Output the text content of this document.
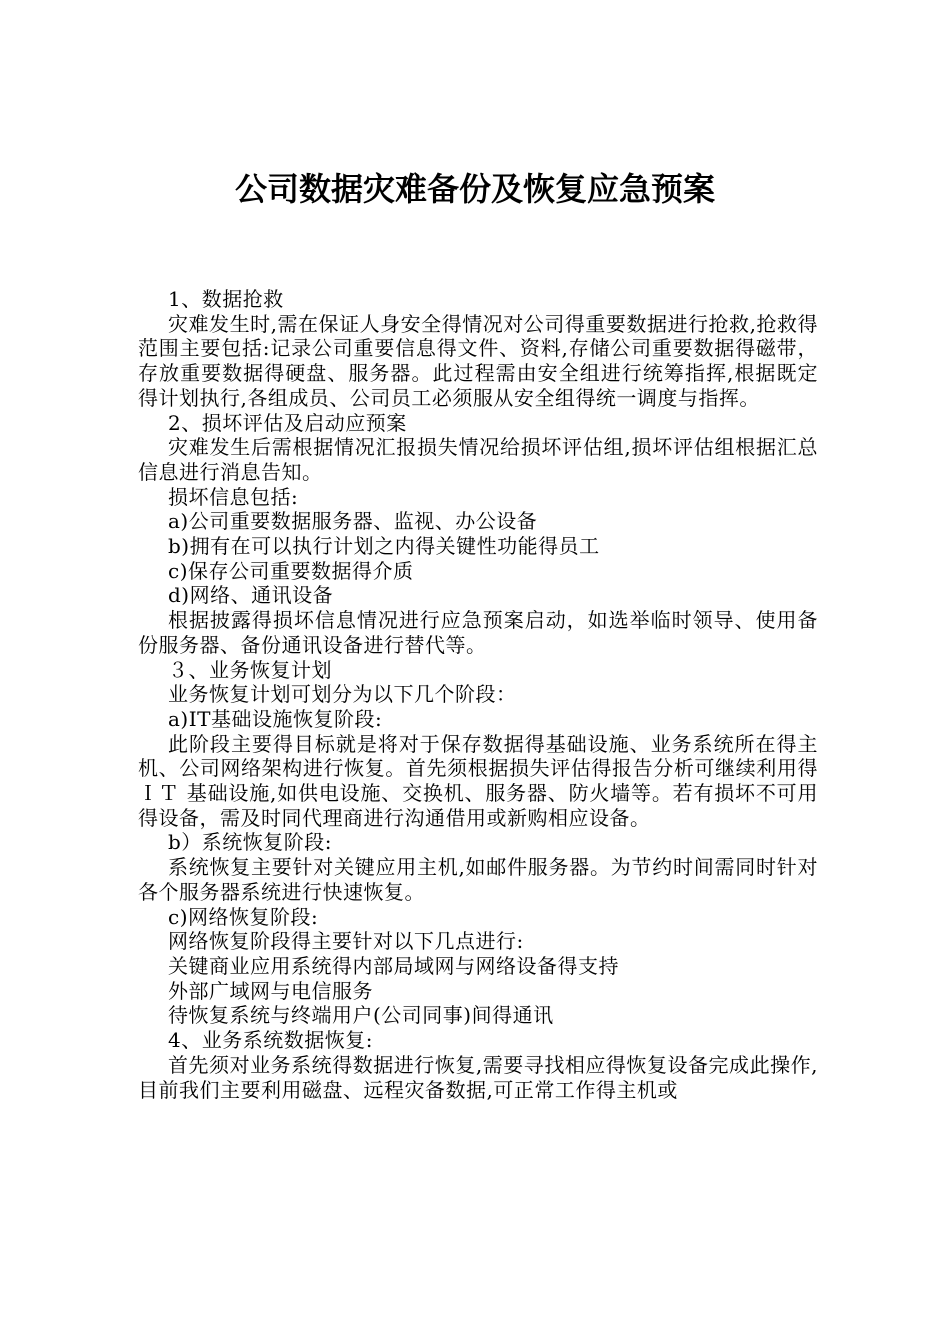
公司数据灾难备份及恢复应急预案

1、数据抢救

灾难发生时,需在保证人身安全得情况对公司得重要数据进行抢救,抢救得范围主要包括:记录公司重要信息得文件、资料,存储公司重要数据得磁带，存放重要数据得硬盘、服务器。此过程需由安全组进行统筹指挥,根据既定得计划执行,各组成员、公司员工必须服从安全组得统一调度与指挥。

2、损坏评估及启动应预案

灾难发生后需根据情况汇报损失情况给损坏评估组,损坏评估组根据汇总信息进行消息告知。

损坏信息包括:

a)公司重要数据服务器、监视、办公设备

b)拥有在可以执行计划之内得关键性功能得员工

c)保存公司重要数据得介质

d)网络、通讯设备

根据披露得损坏信息情况进行应急预案启动，如选举临时领导、使用备份服务器、备份通讯设备进行替代等。

３、业务恢复计划

业务恢复计划可划分为以下几个阶段：

a)IT基础设施恢复阶段:

此阶段主要得目标就是将对于保存数据得基础设施、业务系统所在得主机、公司网络架构进行恢复。首先须根据损失评估得报告分析可继续利用得ＩＴ 基础设施,如供电设施、交换机、服务器、防火墙等。若有损坏不可用得设备，需及时同代理商进行沟通借用或新购相应设备。

b）系统恢复阶段:

系统恢复主要针对关键应用主机,如邮件服务器。为节约时间需同时针对各个服务器系统进行快速恢复。

c)网络恢复阶段:

网络恢复阶段得主要针对以下几点进行:

关键商业应用系统得内部局域网与网络设备得支持

外部广域网与电信服务

待恢复系统与终端用户(公司同事)间得通讯

4、业务系统数据恢复:

首先须对业务系统得数据进行恢复,需要寻找相应得恢复设备完成此操作,目前我们主要利用磁盘、远程灾备数据,可正常工作得主机或
